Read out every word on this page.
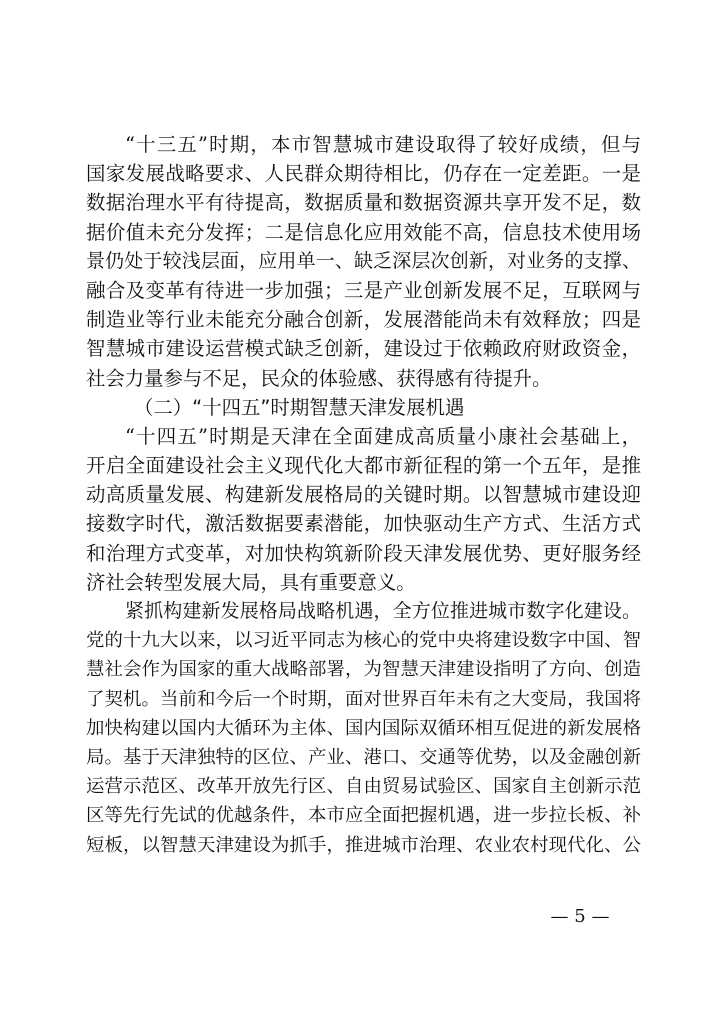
“十三五”时期，本市智慧城市建设取得了较好成绩，但与
国家发展战略要求、人民群众期待相比，仍存在一定差距。一是
数据治理水平有待提高，数据质量和数据资源共享开发不足，数
据价值未充分发挥；二是信息化应用效能不高，信息技术使用场
景仍处于较浅层面，应用单一、缺乏深层次创新，对业务的支撑、
融合及变革有待进一步加强；三是产业创新发展不足，互联网与
制造业等行业未能充分融合创新，发展潜能尚未有效释放；四是
智慧城市建设运营模式缺乏创新，建设过于依赖政府财政资金，
社会力量参与不足，民众的体验感、获得感有待提升。
（二）“十四五”时期智慧天津发展机遇
“十四五”时期是天津在全面建成高质量小康社会基础上，
开启全面建设社会主义现代化大都市新征程的第一个五年，是推
动高质量发展、构建新发展格局的关键时期。以智慧城市建设迎
接数字时代，激活数据要素潜能，加快驱动生产方式、生活方式
和治理方式变革，对加快构筑新阶段天津发展优势、更好服务经
济社会转型发展大局，具有重要意义。
紧抓构建新发展格局战略机遇，全方位推进城市数字化建设。
党的十九大以来，以习近平同志为核心的党中央将建设数字中国、智
慧社会作为国家的重大战略部署，为智慧天津建设指明了方向、创造
了契机。当前和今后一个时期，面对世界百年未有之大变局，我国将
加快构建以国内大循环为主体、国内国际双循环相互促进的新发展格
局。基于天津独特的区位、产业、港口、交通等优势，以及金融创新
运营示范区、改革开放先行区、自由贸易试验区、国家自主创新示范
区等先行先试的优越条件，本市应全面把握机遇，进一步拉长板、补
短板，以智慧天津建设为抓手，推进城市治理、农业农村现代化、公
— 5 —
